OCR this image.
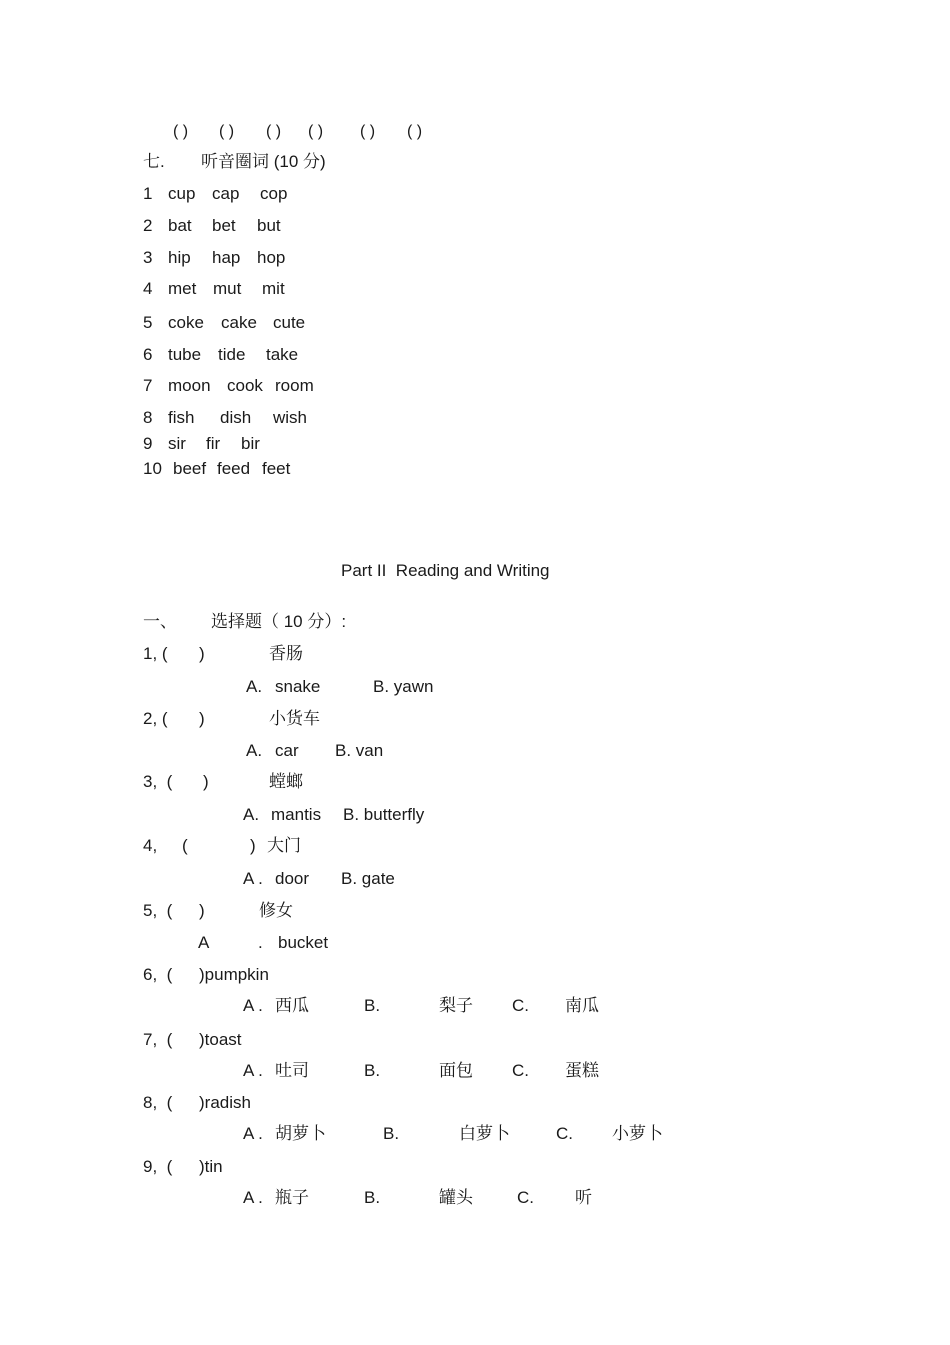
( ) ( ) ( ) ( ) ( ) ( )
七. 听音圈词 (10 分)
1 cup cap cop
2 bat bet but
3 hip hap hop
4 met mut mit
5 coke cake cute
6 tube tide take
7 moon cook room
8 fish dish wish
9 sir fir bir
10 beef feed feet
Part II  Reading and Writing
一、 选择题（ 10 分）:
1, ( )	香肠
A. snake	B. yawn
2, ( )	小货车
A. car B. van
3,  ( )	螳螂
A. mantis B. butterfly
4, (	) 大门
A . door B. gate
5,  ( )	修女
A	. bucket
6,  ( )pumpkin
A . 西瓜	B.	梨子 C. 南瓜
7,  ( )toast
A . 吐司	B.	面包 C. 蛋糕
8,  ( )radish
A . 胡萝卜	B.	白萝卜	C. 小萝卜
9,  ( )tin
A . 瓶子	B.	罐头	C. 听
